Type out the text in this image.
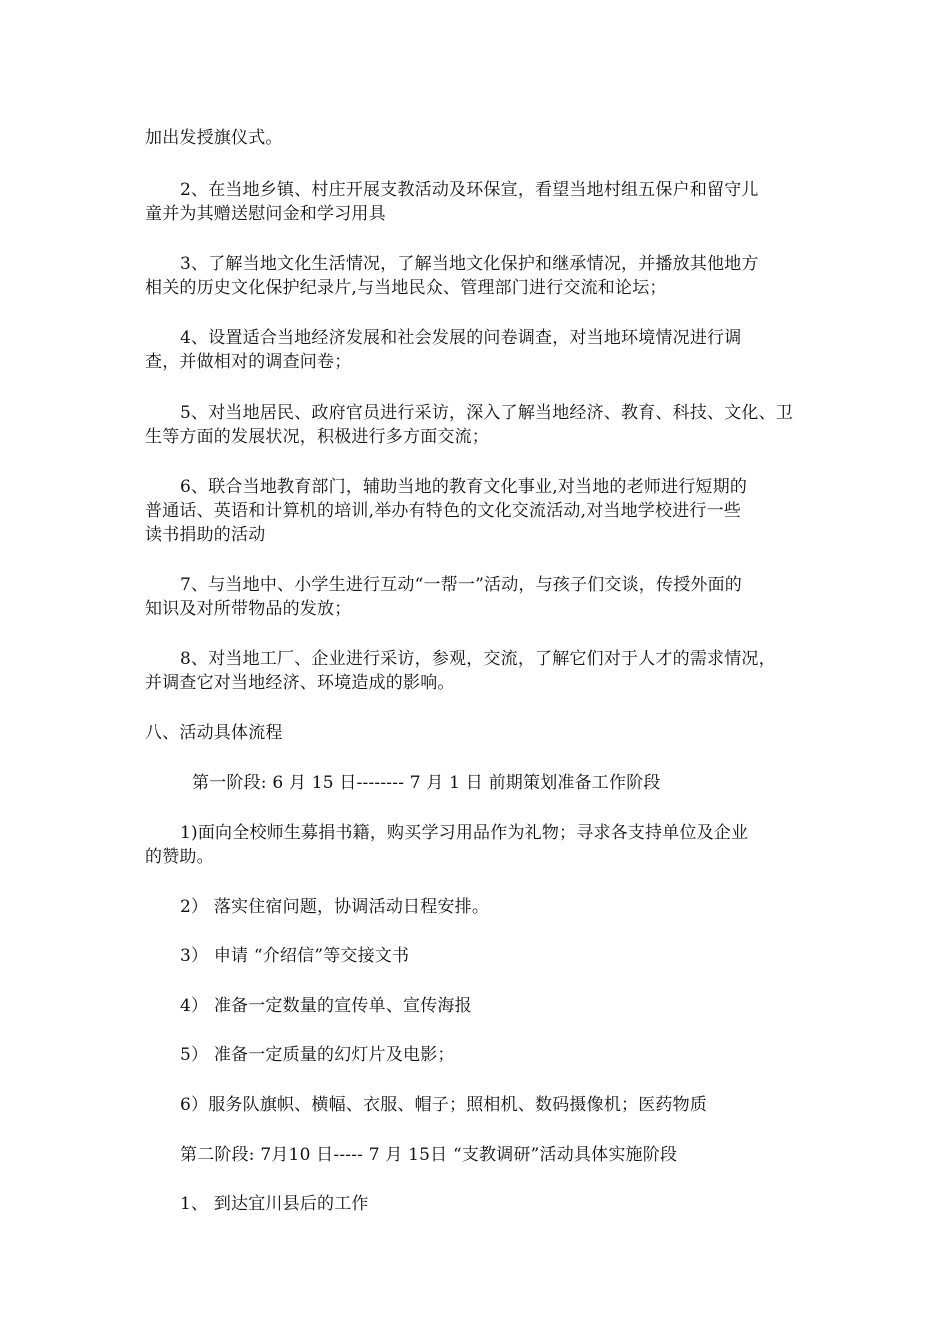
加出发授旗仪式。
2、在当地乡镇、村庄开展支教活动及环保宣，看望当地村组五保户和留守儿
童并为其赠送慰问金和学习用具
3、了解当地文化生活情况，了解当地文化保护和继承情况，并播放其他地方
相关的历史文化保护纪录片,与当地民众、管理部门进行交流和论坛；
4、设置适合当地经济发展和社会发展的问卷调查，对当地环境情况进行调
查，并做相对的调查问卷；
5、对当地居民、政府官员进行采访，深入了解当地经济、教育、科技、文化、卫
生等方面的发展状况，积极进行多方面交流；
6、联合当地教育部门，辅助当地的教育文化事业,对当地的老师进行短期的
普通话、英语和计算机的培训,举办有特色的文化交流活动,对当地学校进行一些
读书捐助的活动
7、与当地中、小学生进行互动“一帮一”活动，与孩子们交谈，传授外面的
知识及对所带物品的发放；
8、对当地工厂、企业进行采访，参观，交流，了解它们对于人才的需求情况，
并调查它对当地经济、环境造成的影响。
八、活动具体流程
第一阶段: 6 月 15 日-------- 7 月 1 日 前期策划准备工作阶段
1)面向全校师生募捐书籍，购买学习用品作为礼物；寻求各支持单位及企业
的赞助。
2） 落实住宿问题，协调活动日程安排。
3） 申请 “介绍信”等交接文书
4） 准备一定数量的宣传单、宣传海报
5） 准备一定质量的幻灯片及电影；
6）服务队旗帜、横幅、衣服、帽子；照相机、数码摄像机；医药物质
第二阶段: 7月10 日----- 7 月 15日 “支教调研”活动具体实施阶段
1、 到达宜川县后的工作
